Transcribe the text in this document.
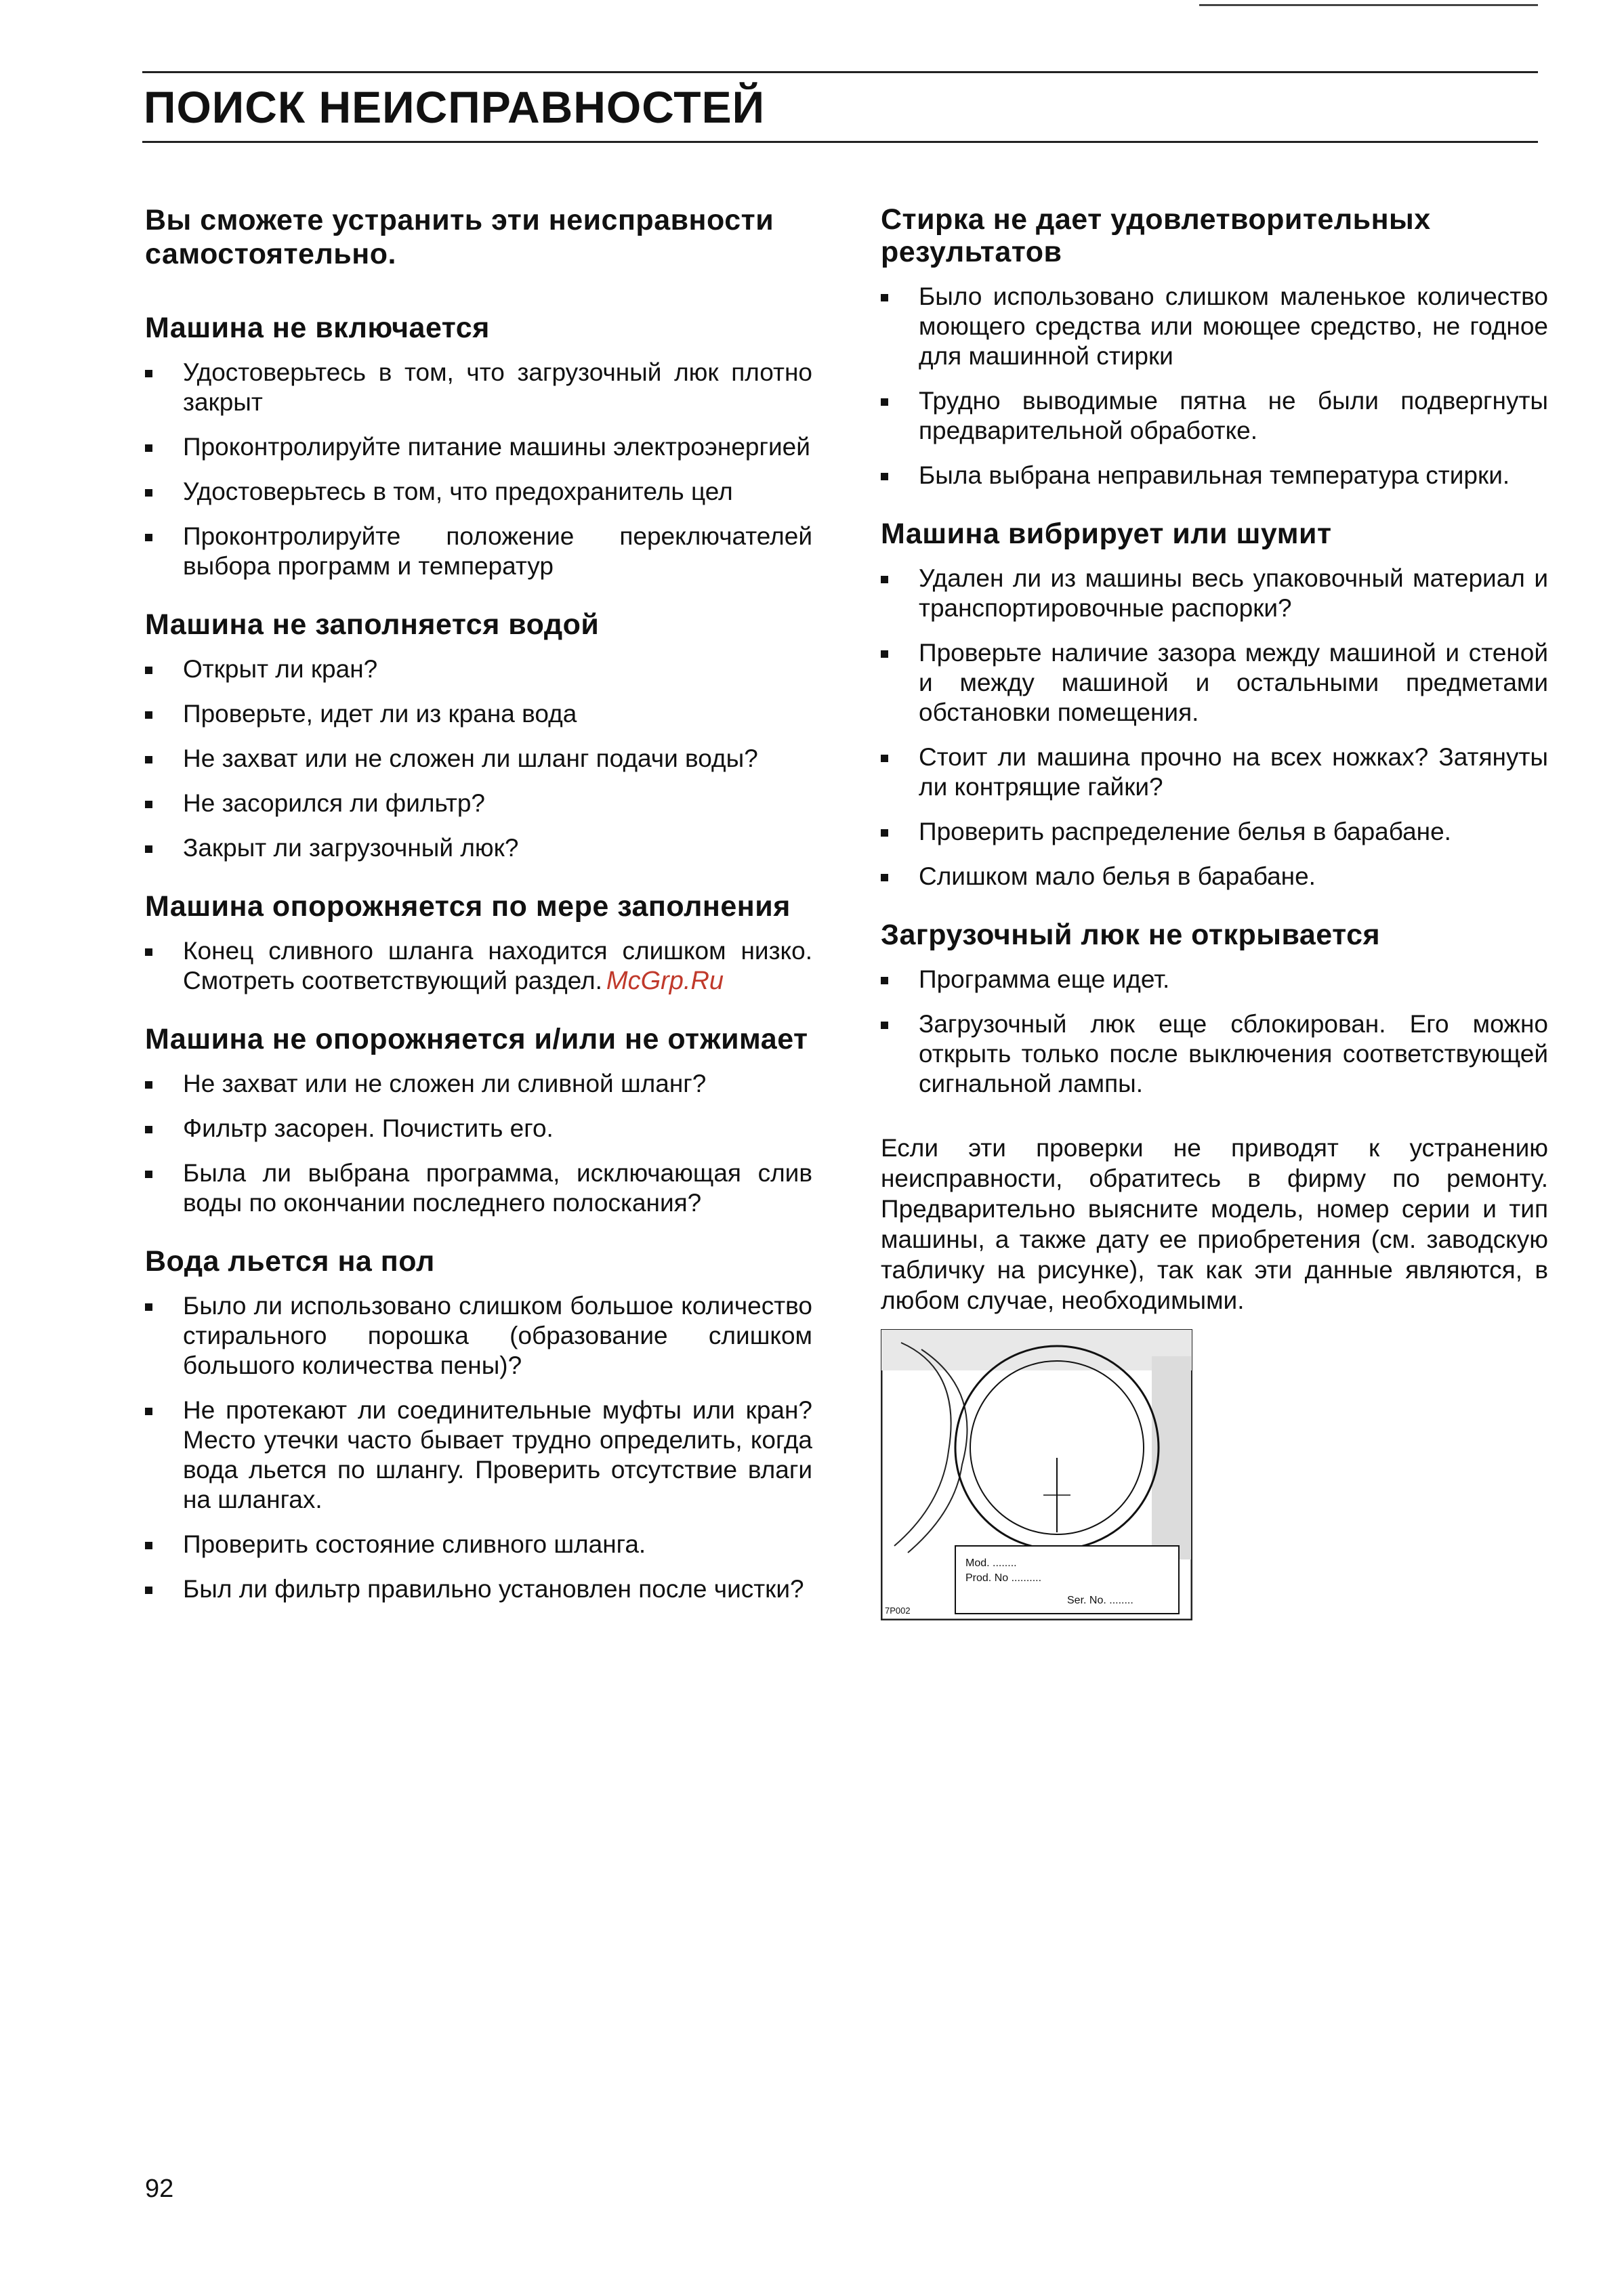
ПОИСК НЕИСПРАВНОСТЕЙ

Вы сможете устранить эти неисправности самостоятельно.

Машина не включается
Удостоверьтесь в том, что загрузочный люк плотно закрыт
Проконтролируйте питание машины электроэнергией
Удостоверьтесь в том, что предохранитель цел
Проконтролируйте положение переключателей выбора программ и температур
Машина не заполняется водой
Открыт ли кран?
Проверьте, идет ли из крана вода
Не захват или не сложен ли шланг подачи воды?
Не засорился ли фильтр?
Закрыт ли загрузочный люк?
Машина опорожняется по мере заполнения
Конец сливного шланга находится слишком низко. Смотреть соответствующий раздел. McGrp.Ru
Машина не опорожняется и/или не отжимает
Не захват или не сложен ли сливной шланг?
Фильтр засорен. Почистить его.
Была ли выбрана программа, исключающая слив воды по окончании последнего полоскания?
Вода льется на пол
Было ли использовано слишком большое количество стирального порошка (образование слишком большого количества пены)?
Не протекают ли соединительные муфты или кран? Место утечки часто бывает трудно определить, когда вода льется по шлангу. Проверить отсутствие влаги на шлангах.
Проверить состояние сливного шланга.
Был ли фильтр правильно установлен после чистки?
Стирка не дает удовлетворительных результатов
Было использовано слишком маленькое количество моющего средства или моющее средство, не годное для машинной стирки
Трудно выводимые пятна не были подвергнуты предварительной обработке.
Была выбрана неправильная температура стирки.
Машина вибрирует или шумит
Удален ли из машины весь упаковочный материал и транспортировочные распорки?
Проверьте наличие зазора между машиной и стеной и между машиной и остальными предметами обстановки помещения.
Стоит ли машина прочно на всех ножках? Затянуты ли контрящие гайки?
Проверить распределение белья в барабане.
Слишком мало белья в барабане.
Загрузочный люк не открывается
Программа еще идет.
Загрузочный люк еще сблокирован. Его можно открыть только после выключения соответствующей сигнальной лампы.

Если эти проверки не приводят к устранению неисправности, обратитесь в фирму по ремонту. Предварительно выясните модель, номер серии и тип машины, а также дату ее приобретения (см. заводскую табличку на рисунке), так как эти данные являются, в любом случае, необходимыми.

Mod. ........
Prod. No ..........
Ser. No. ........
7P002
92
